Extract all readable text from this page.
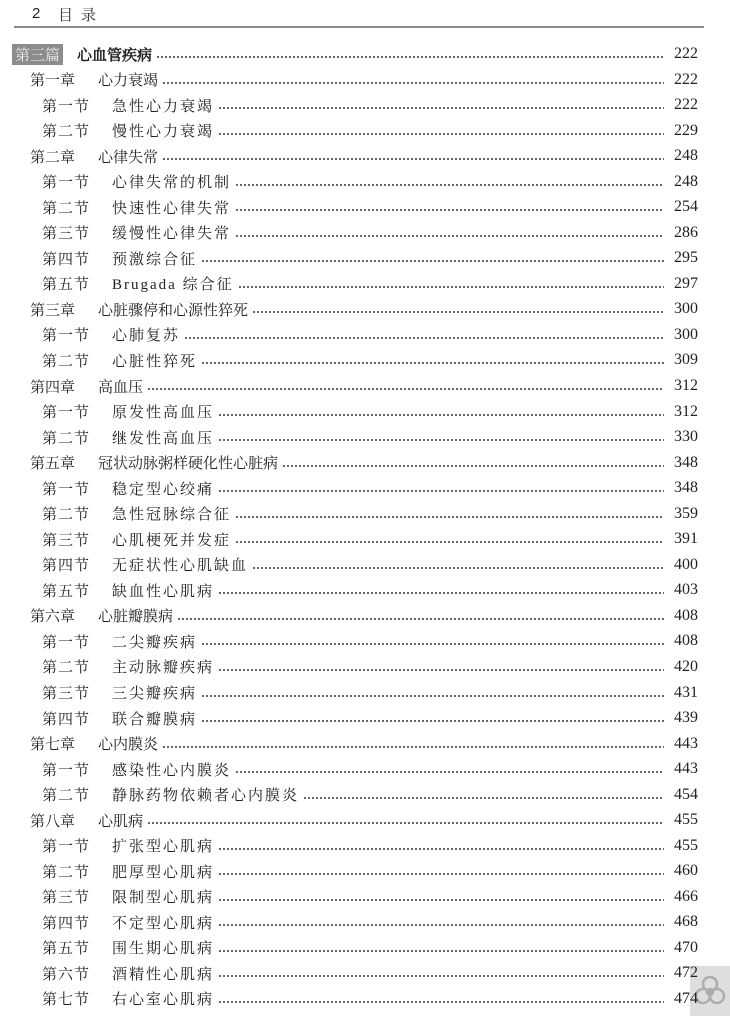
2 目录
第三篇 心血管疾病	222
第一章	心力衰竭	222
第一节	急性心力衰竭	222
第二节	慢性心力衰竭	229
第二章	心律失常	248
第一节	心律失常的机制	248
第二节	快速性心律失常	254
第三节	缓慢性心律失常	286
第四节	预激综合征	295
第五节	Brugada 综合征	297
第三章	心脏骤停和心源性猝死	300
第一节	心肺复苏	300
第二节	心脏性猝死	309
第四章	高血压	312
第一节	原发性高血压	312
第二节	继发性高血压	330
第五章	冠状动脉粥样硬化性心脏病	348
第一节	稳定型心绞痛	348
第二节	急性冠脉综合征	359
第三节	心肌梗死并发症	391
第四节	无症状性心肌缺血	400
第五节	缺血性心肌病	403
第六章	心脏瓣膜病	408
第一节	二尖瓣疾病	408
第二节	主动脉瓣疾病	420
第三节	三尖瓣疾病	431
第四节	联合瓣膜病	439
第七章	心内膜炎	443
第一节	感染性心内膜炎	443
第二节	静脉药物依赖者心内膜炎	454
第八章	心肌病	455
第一节	扩张型心肌病	455
第二节	肥厚型心肌病	460
第三节	限制型心肌病	466
第四节	不定型心肌病	468
第五节	围生期心肌病	470
第六节	酒精性心肌病	472
第七节	右心室心肌病	474
